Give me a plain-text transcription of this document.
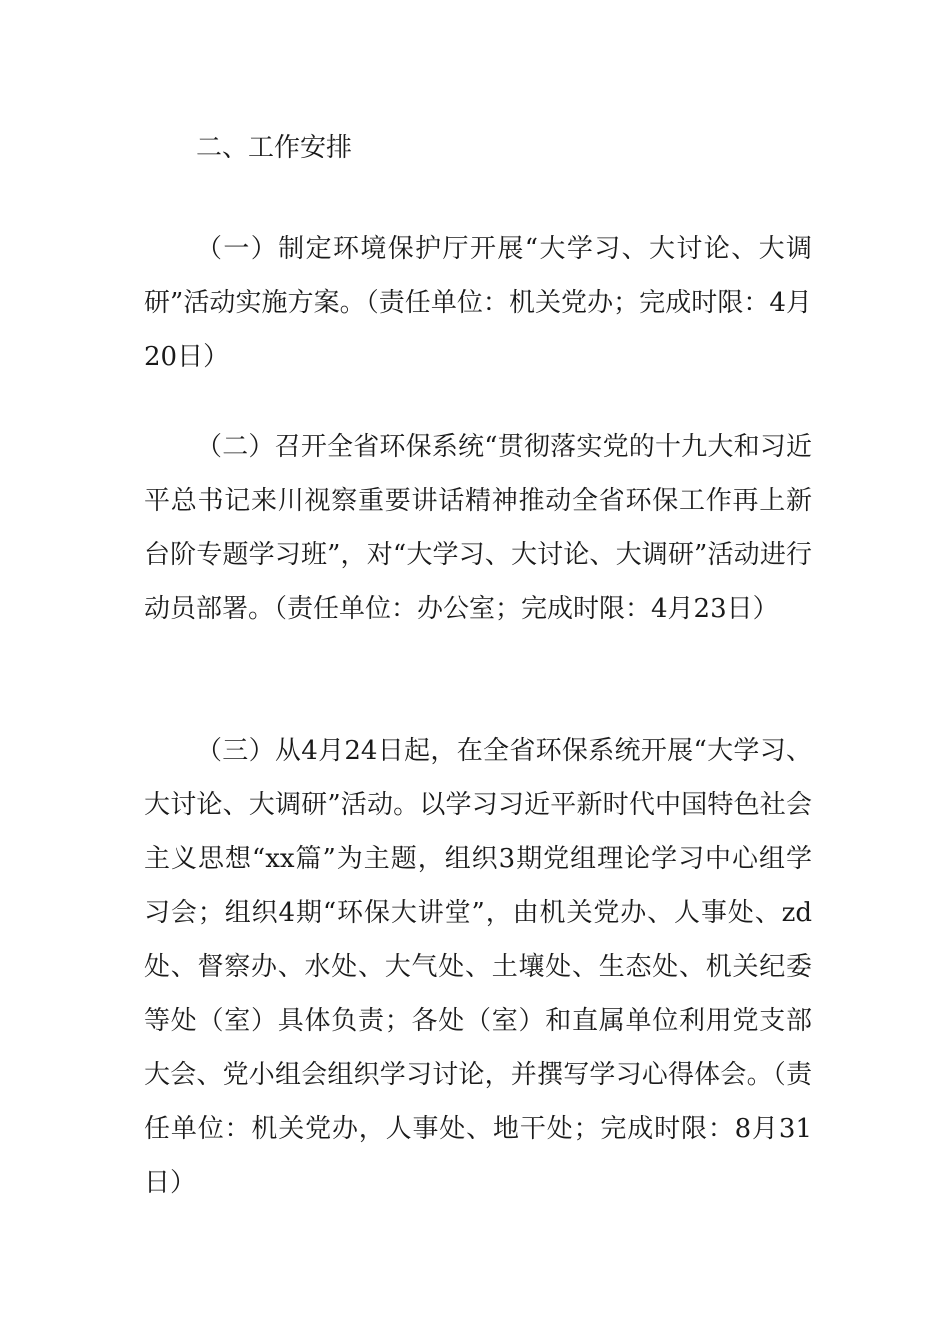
二、工作安排

（一）制定环境保护厅开展“大学习、大讨论、大调研”活动实施方案。（责任单位：机关党办；完成时限：4月20日）

（二）召开全省环保系统“贯彻落实党的十九大和习近平总书记来川视察重要讲话精神推动全省环保工作再上新台阶专题学习班”，对“大学习、大讨论、大调研”活动进行动员部署。（责任单位：办公室；完成时限：4月23日）

（三）从4月24日起，在全省环保系统开展“大学习、大讨论、大调研”活动。以学习习近平新时代中国特色社会主义思想“xx篇”为主题，组织3期党组理论学习中心组学习会；组织4期“环保大讲堂”，由机关党办、人事处、zd处、督察办、水处、大气处、土壤处、生态处、机关纪委等处（室）具体负责；各处（室）和直属单位利用党支部大会、党小组会组织学习讨论，并撰写学习心得体会。（责任单位：机关党办，人事处、地干处；完成时限：8月31日）
